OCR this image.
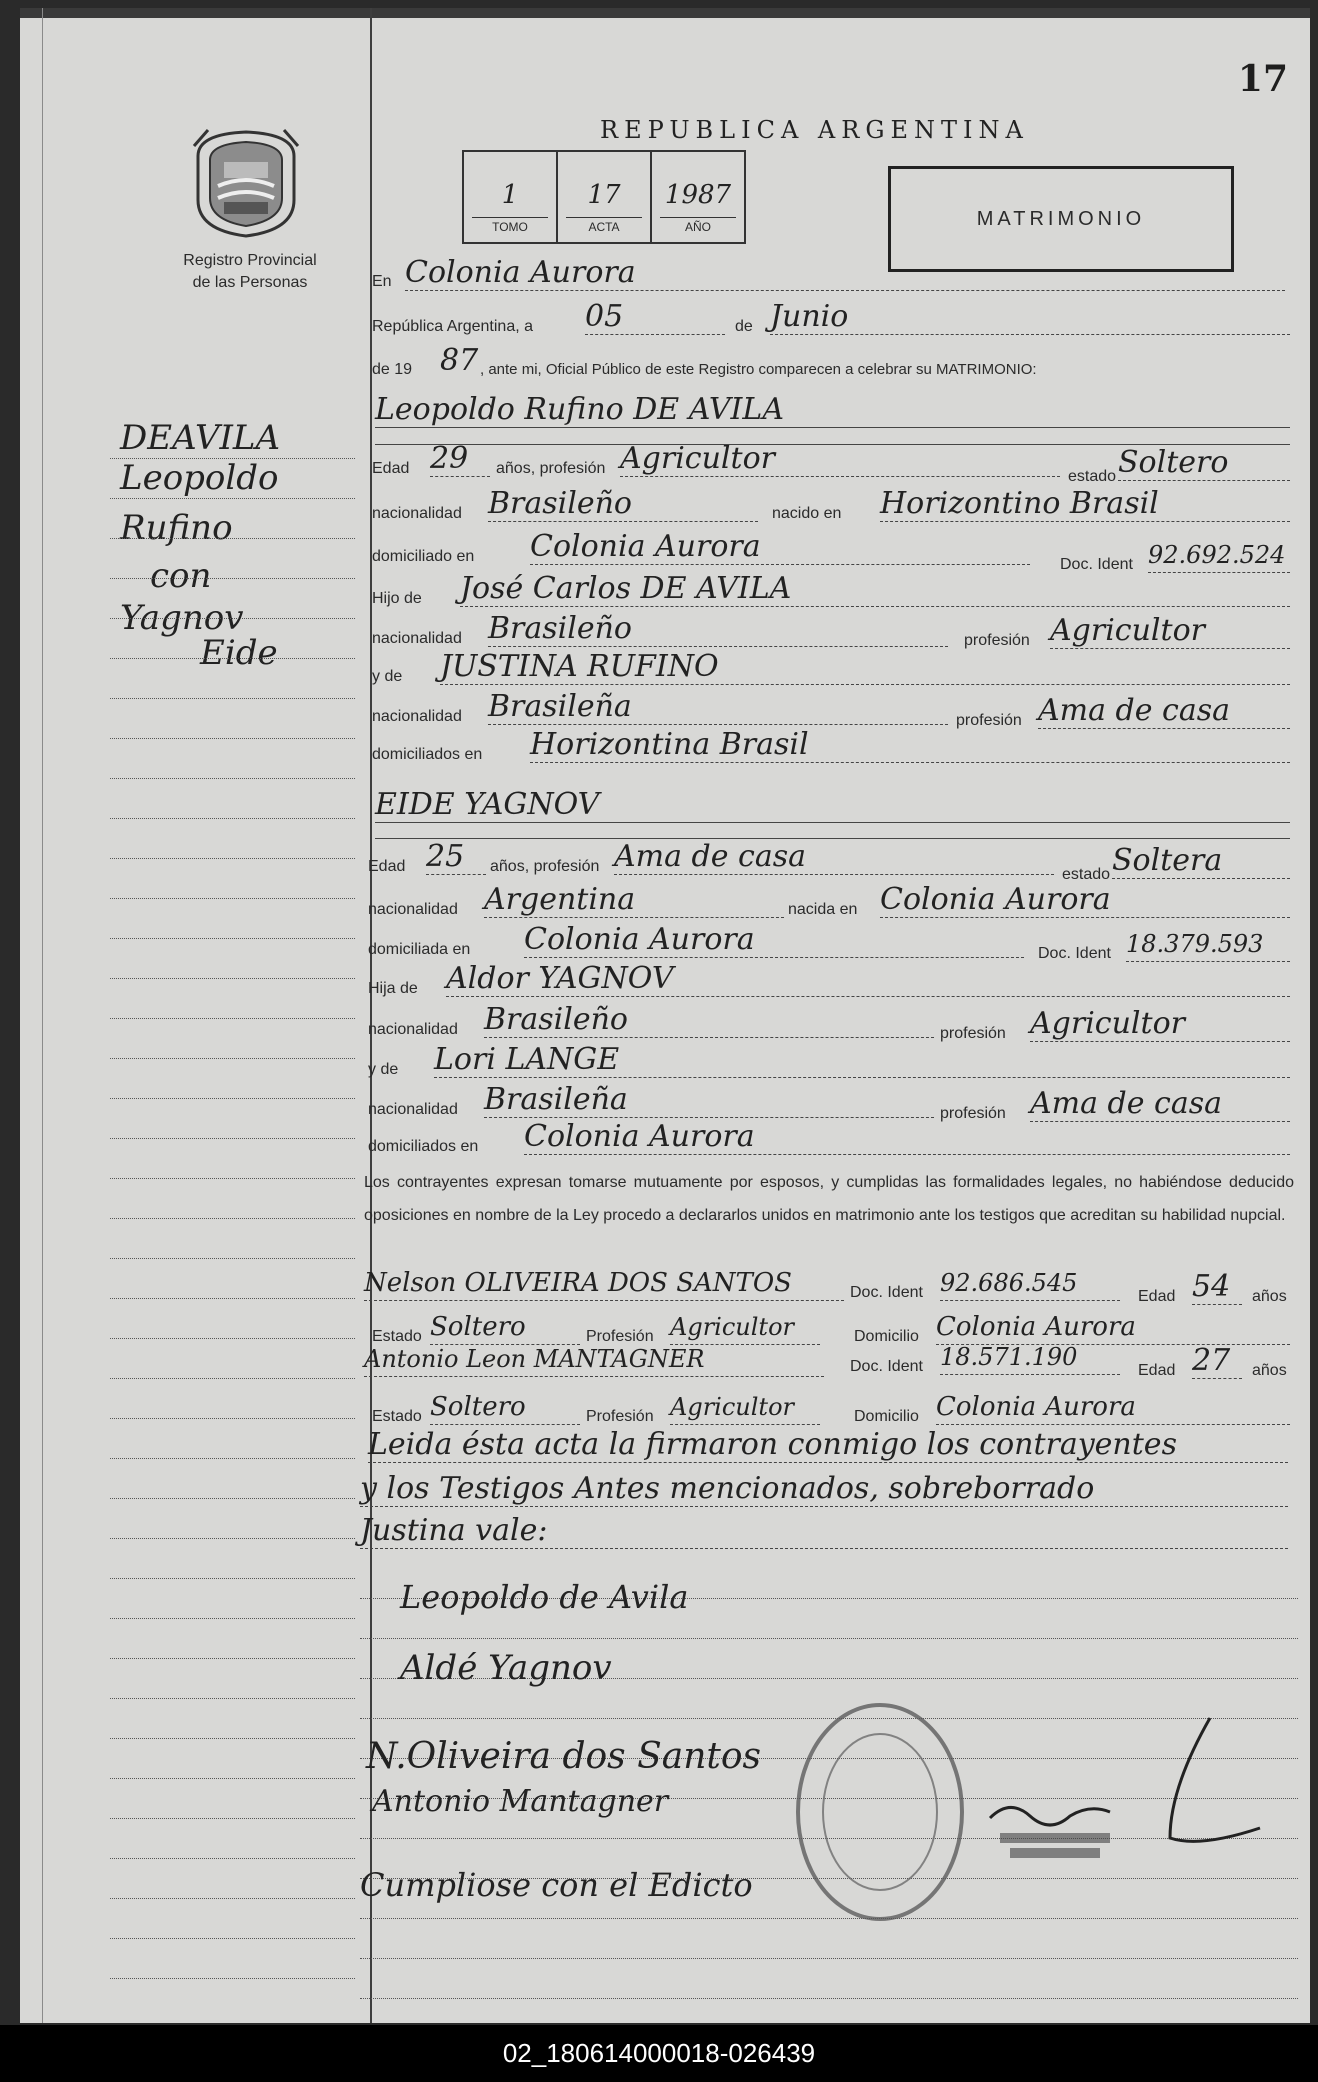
Registro Provincial
de las Personas
DEAVILA
Leopoldo
Rufino
con
Yagnov
Eide
17
REPUBLICA ARGENTINA
1
TOMO
17
ACTA
1987
AÑO	MATRIMONIO
En Colonia Aurora
República Argentina, a 05	de Junio
de 19 87 , ante mi, Oficial Público de este Registro comparecen a celebrar su MATRIMONIO:
Leopoldo Rufino DE AVILA
Edad 29	años, profesión Agricultor
estado Soltero
nacionalidad Brasileño	nacido en Horizontino Brasil
domiciliado en Colonia Aurora
Doc. Ident 92.692.524
Hijo de José Carlos DE AVILA
nacionalidad Brasileño	profesión Agricultor
y de JUSTINA RUFINO
nacionalidad Brasileña	profesión Ama de casa
domiciliados en Horizontina Brasil
EIDE YAGNOV
Edad 25	años, profesión Ama de casa
estado Soltera
nacionalidad Argentina	nacida en Colonia Aurora
domiciliada en Colonia Aurora	Doc. Ident 18.379.593
Hija de Aldor YAGNOV
nacionalidad Brasileño	profesión Agricultor
y de Lori LANGE
nacionalidad Brasileña	profesión Ama de casa
domiciliados en Colonia Aurora
Los contrayentes expresan tomarse mutuamente por esposos, y cumplidas las formalidades legales, no habiéndose deducido oposiciones en nombre de la Ley procedo a declararlos unidos en matrimonio ante los testigos que acreditan su habilidad nupcial.
Nelson OLIVEIRA DOS SANTOS	Doc. Ident 92.686.545	Edad 54	años
Estado Soltero	Profesión Agricultor	Domicilio Colonia Aurora
Antonio Leon MANTAGNER	Doc. Ident 18.571.190	Edad 27	años
Estado Soltero	Profesión Agricultor	Domicilio Colonia Aurora
Leida ésta acta la firmaron conmigo los contrayentes
y los Testigos Antes mencionados, sobreborrado
Justina vale:
Leopoldo de Avila
Aldé Yagnov
N.Oliveira dos Santos
Antonio Mantagner
Cumpliose con el Edicto
02_180614000018-026439
